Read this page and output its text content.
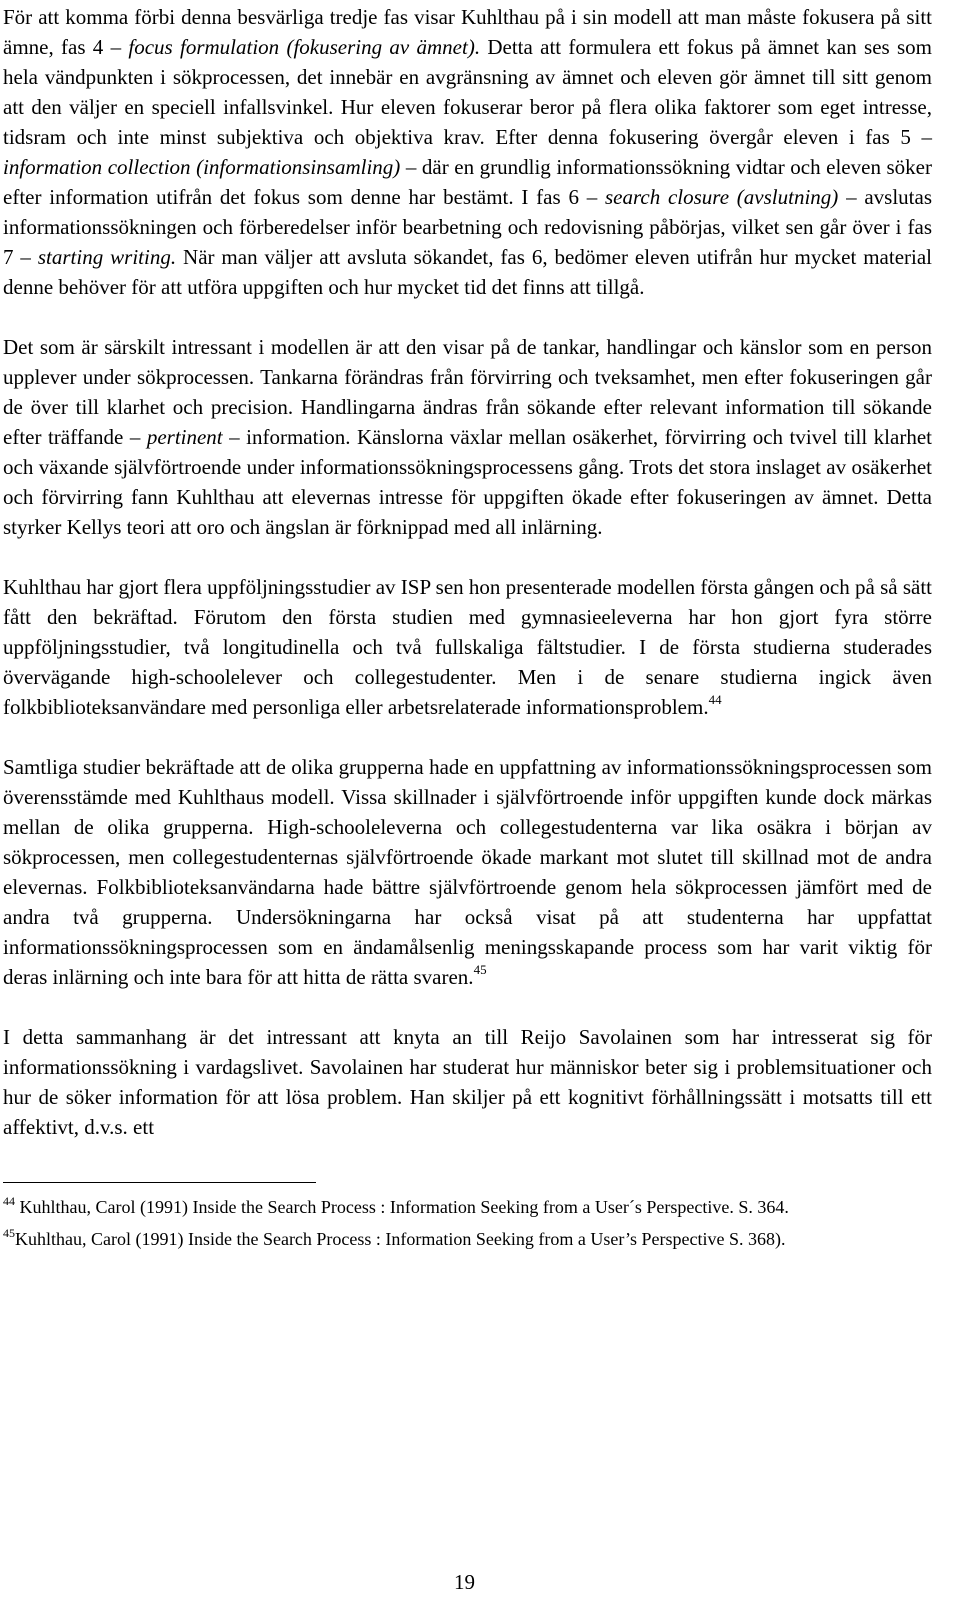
För att komma förbi denna besvärliga tredje fas visar Kuhlthau på i sin modell att man måste fokusera på sitt ämne, fas 4 – focus formulation (fokusering av ämnet). Detta att formulera ett fokus på ämnet kan ses som hela vändpunkten i sökprocessen, det innebär en avgränsning av ämnet och eleven gör ämnet till sitt genom att den väljer en speciell infallsvinkel. Hur eleven fokuserar beror på flera olika faktorer som eget intresse, tidsram och inte minst subjektiva och objektiva krav. Efter denna fokusering övergår eleven i fas 5 – information collection (informationsinsamling) – där en grundlig informationssökning vidtar och eleven söker efter information utifrån det fokus som denne har bestämt. I fas 6 – search closure (avslutning) – avslutas informationssökningen och förberedelser inför bearbetning och redovisning påbörjas, vilket sen går över i fas 7 – starting writing. När man väljer att avsluta sökandet, fas 6, bedömer eleven utifrån hur mycket material denne behöver för att utföra uppgiften och hur mycket tid det finns att tillgå.

Det som är särskilt intressant i modellen är att den visar på de tankar, handlingar och känslor som en person upplever under sökprocessen. Tankarna förändras från förvirring och tveksamhet, men efter fokuseringen går de över till klarhet och precision. Handlingarna ändras från sökande efter relevant information till sökande efter träffande – pertinent – information. Känslorna växlar mellan osäkerhet, förvirring och tvivel till klarhet och växande självförtroende under informationssökningsprocessens gång. Trots det stora inslaget av osäkerhet och förvirring fann Kuhlthau att elevernas intresse för uppgiften ökade efter fokuseringen av ämnet. Detta styrker Kellys teori att oro och ängslan är förknippad med all inlärning.

Kuhlthau har gjort flera uppföljningsstudier av ISP sen hon presenterade modellen första gången och på så sätt fått den bekräftad. Förutom den första studien med gymnasieeleverna har hon gjort fyra större uppföljningsstudier, två longitudinella och två fullskaliga fältstudier. I de första studierna studerades övervägande high-schoolelever och collegestudenter. Men i de senare studierna ingick även folkbiblioteksanvändare med personliga eller arbetsrelaterade informationsproblem.$^{44}$

Samtliga studier bekräftade att de olika grupperna hade en uppfattning av informationssökningsprocessen som överensstämde med Kuhlthaus modell. Vissa skillnader i självförtroende inför uppgiften kunde dock märkas mellan de olika grupperna. High-schooleleverna och collegestudenterna var lika osäkra i början av sökprocessen, men collegestudenternas självförtroende ökade markant mot slutet till skillnad mot de andra elevernas. Folkbiblioteksanvändarna hade bättre självförtroende genom hela sökprocessen jämfört med de andra två grupperna. Undersökningarna har också visat på att studenterna har uppfattat informationssökningsprocessen som en ändamålsenlig meningsskapande process som har varit viktig för deras inlärning och inte bara för att hitta de rätta svaren.$^{45}$

I detta sammanhang är det intressant att knyta an till Reijo Savolainen som har intresserat sig för informationssökning i vardagslivet. Savolainen har studerat hur människor beter sig i problemsituationer och hur de söker information för att lösa problem. Han skiljer på ett kognitivt förhållningssätt i motsatts till ett affektivt, d.v.s. ett

$^{44}$ Kuhlthau, Carol (1991) Inside the Search Process : Information Seeking from a User´s Perspective. S. 364.

$^{45}$Kuhlthau, Carol (1991) Inside the Search Process : Information Seeking from a User’s Perspective S. 368).

19
